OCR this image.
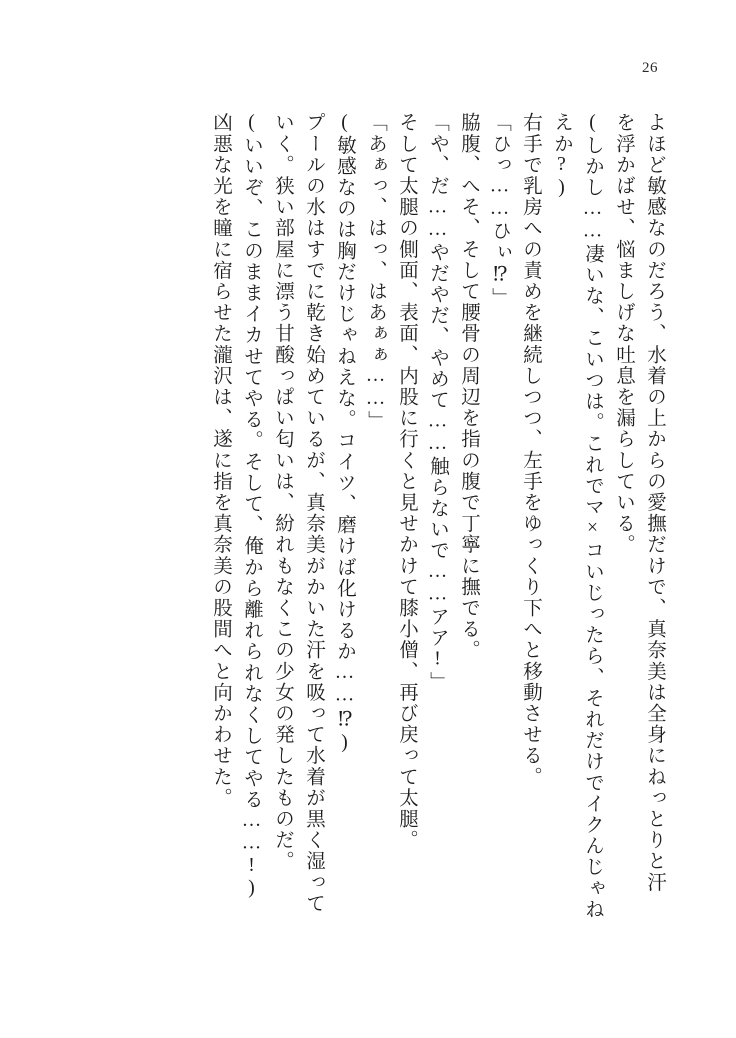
26
よほど敏感なのだろう、水着の上からの愛撫だけで、真奈美は全身にねっとりと汗
を浮かばせ、悩ましげな吐息を漏らしている。
(しかし……凄いな、こいつは。これでマ×コいじったら、それだけでイクんじゃね
えか?)
右手で乳房への責めを継続しつつ、左手をゆっくり下へと移動させる。
「ひっ……ひぃ⁉」
脇腹、へそ、そして腰骨の周辺を指の腹で丁寧に撫でる。
「や、だ……やだやだ、やめて……触らないで……アア!」
そして太腿の側面、表面、内股に行くと見せかけて膝小僧、再び戻って太腿。
「あぁっ、はっ、はあぁぁ……」
(敏感なのは胸だけじゃねえな。コイツ、磨けば化けるか……⁉)
プールの水はすでに乾き始めているが、真奈美がかいた汗を吸って水着が黒く湿って
いく。狭い部屋に漂う甘酸っぱい匂いは、紛れもなくこの少女の発したものだ。
(いいぞ、このままイカせてやる。そして、俺から離れられなくしてやる……!)
凶悪な光を瞳に宿らせた瀧沢は、遂に指を真奈美の股間へと向かわせた。
